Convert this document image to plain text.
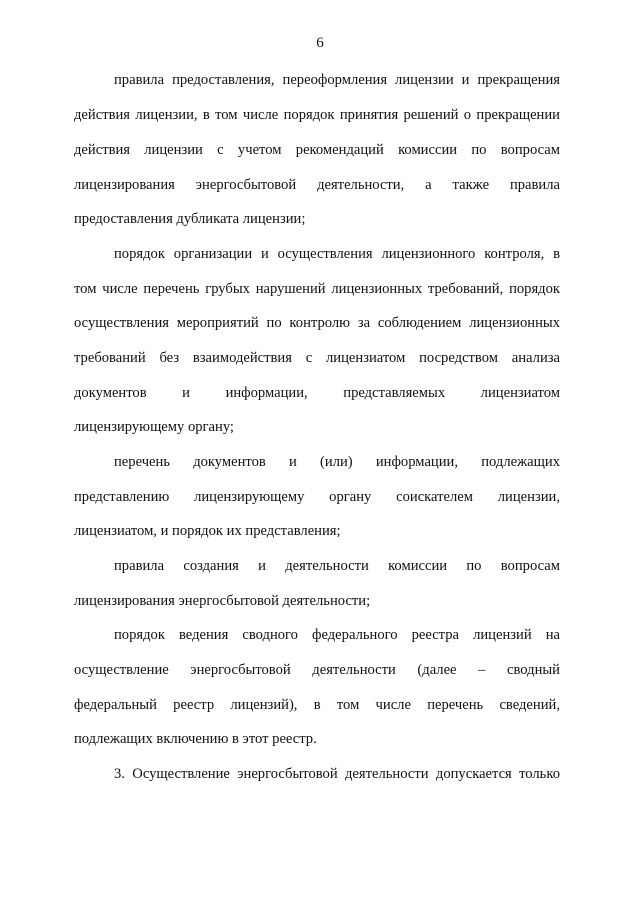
6
правила предоставления, переоформления лицензии и прекращения
действия лицензии, в том числе порядок принятия решений о прекращении
действия лицензии с учетом рекомендаций комиссии по вопросам
лицензирования энергосбытовой деятельности, а также правила
предоставления дубликата лицензии;
порядок организации и осуществления лицензионного контроля, в
том числе перечень грубых нарушений лицензионных требований, порядок
осуществления мероприятий по контролю за соблюдением лицензионных
требований без взаимодействия с лицензиатом посредством анализа
документов и информации, представляемых лицензиатом
лицензирующему органу;
перечень документов и (или) информации, подлежащих
представлению лицензирующему органу соискателем лицензии,
лицензиатом, и порядок их представления;
правила создания и деятельности комиссии по вопросам
лицензирования энергосбытовой деятельности;
порядок ведения сводного федерального реестра лицензий на
осуществление энергосбытовой деятельности (далее – сводный
федеральный реестр лицензий), в том числе перечень сведений,
подлежащих включению в этот реестр.
3. Осуществление энергосбытовой деятельности допускается только
